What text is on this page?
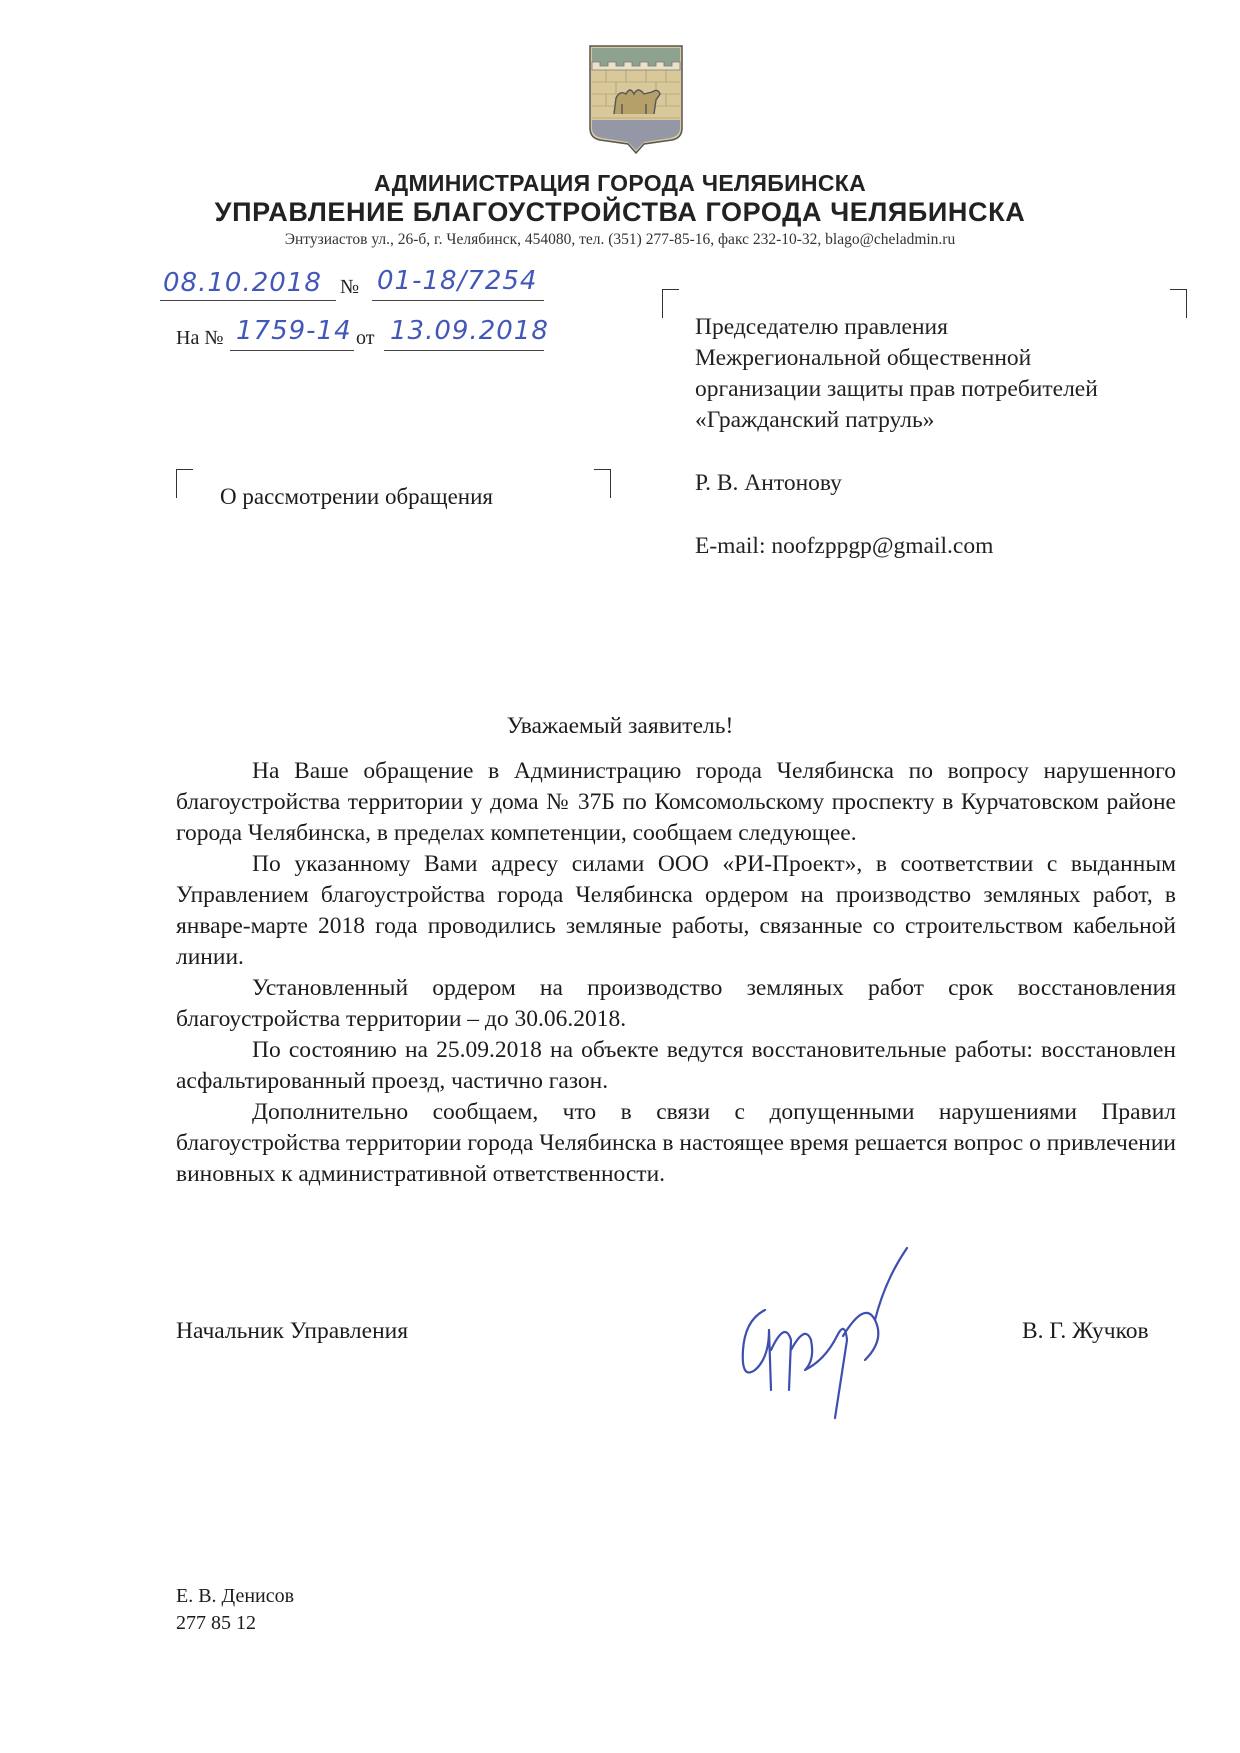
АДМИНИСТРАЦИЯ ГОРОДА ЧЕЛЯБИНСКА
УПРАВЛЕНИЕ БЛАГОУСТРОЙСТВА ГОРОДА ЧЕЛЯБИНСКА
Энтузиастов ул., 26-б, г. Челябинск, 454080, тел. (351) 277-85-16, факс 232-10-32, blago@cheladmin.ru
08.10.2018 № 01-18/7254
На № 1759-14 от 13.09.2018	Председателю правления
Межрегиональной общественной
организации защиты прав потребителей
«Гражданский патруль»
Р. В. Антонову
E-mail: noofzppgp@gmail.com
О рассмотрении обращения
Уважаемый заявитель!

На Ваше обращение в Администрацию города Челябинска по вопросу нарушенного благоустройства территории у дома № 37Б по Комсомольскому проспекту в Курчатовском районе города Челябинска, в пределах компетенции, сообщаем следующее.

По указанному Вами адресу силами ООО «РИ-Проект», в соответствии с выданным Управлением благоустройства города Челябинска ордером на производство земляных работ, в январе-марте 2018 года проводились земляные работы, связанные со строительством кабельной линии.

Установленный ордером на производство земляных работ срок восстановления благоустройства территории – до 30.06.2018.

По состоянию на 25.09.2018 на объекте ведутся восстановительные работы: восстановлен асфальтированный проезд, частично газон.

Дополнительно сообщаем, что в связи с допущенными нарушениями Правил благоустройства территории города Челябинска в настоящее время решается вопрос о привлечении виновных к административной ответственности.

Начальник Управления	В. Г. Жучков
Е. В. Денисов
277 85 12
